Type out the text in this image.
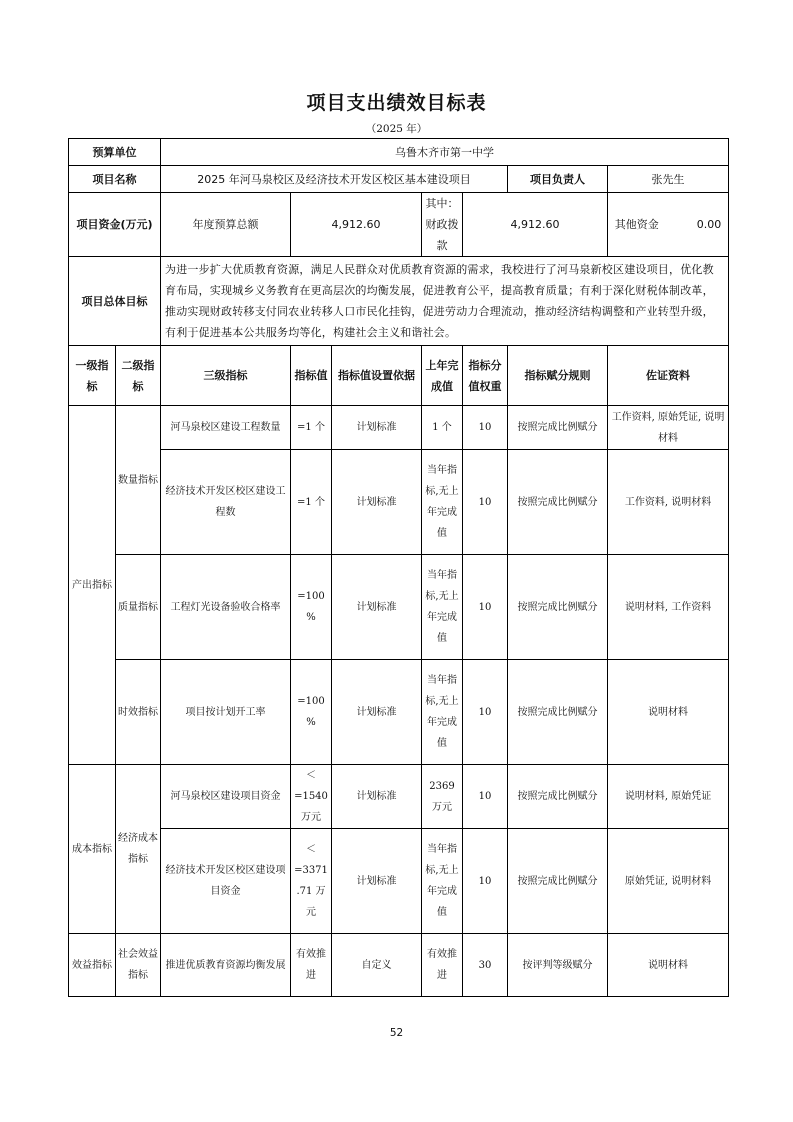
项目支出绩效目标表
（2025 年）
预算单位		乌鲁木齐市第一中学						
项目名称		2025 年河马泉校区及经济技术开发区校区基本建设项目					项目负责人	张先生
项目资金(万元)		年度预算总额	4,912.60		其中：财政拨款	4,912.60		其他资金 0.00
项目总体目标		为进一步扩大优质教育资源，满足人民群众对优质教育资源的需求，我校进行了河马泉新校区建设项目，优化教育布局，实现城乡义务教育在更高层次的均衡发展，促进教育公平，提高教育质量；有利于深化财税体制改革，推动实现财政转移支付同农业转移人口市民化挂钩，促进劳动力合理流动，推动经济结构调整和产业转型升级，有利于促进基本公共服务均等化，构建社会主义和谐社会。						
一级指标	二级指标	三级指标	指标值	指标值设置依据	上年完成值	指标分值权重	指标赋分规则	佐证资料
产出指标	数量指标	河马泉校区建设工程数量	=1 个	计划标准	1 个	10	按照完成比例赋分	工作资料, 原始凭证, 说明材料
		经济技术开发区校区建设工程数	=1 个	计划标准	当年指标,无上年完成值	10	按照完成比例赋分	工作资料, 说明材料
	质量指标	工程灯光设备验收合格率	=100%	计划标准	当年指标,无上年完成值	10	按照完成比例赋分	说明材料, 工作资料
	时效指标	项目按计划开工率	=100%	计划标准	当年指标,无上年完成值	10	按照完成比例赋分	说明材料
成本指标	经济成本指标	河马泉校区建设项目资金	＜=1540 万元	计划标准	2369 万元	10	按照完成比例赋分	说明材料, 原始凭证
		经济技术开发区校区建设项目资金	＜=3371.71 万元	计划标准	当年指标,无上年完成值	10	按照完成比例赋分	原始凭证, 说明材料
效益指标	社会效益指标	推进优质教育资源均衡发展	有效推进	自定义	有效推进	30	按评判等级赋分	说明材料
52
